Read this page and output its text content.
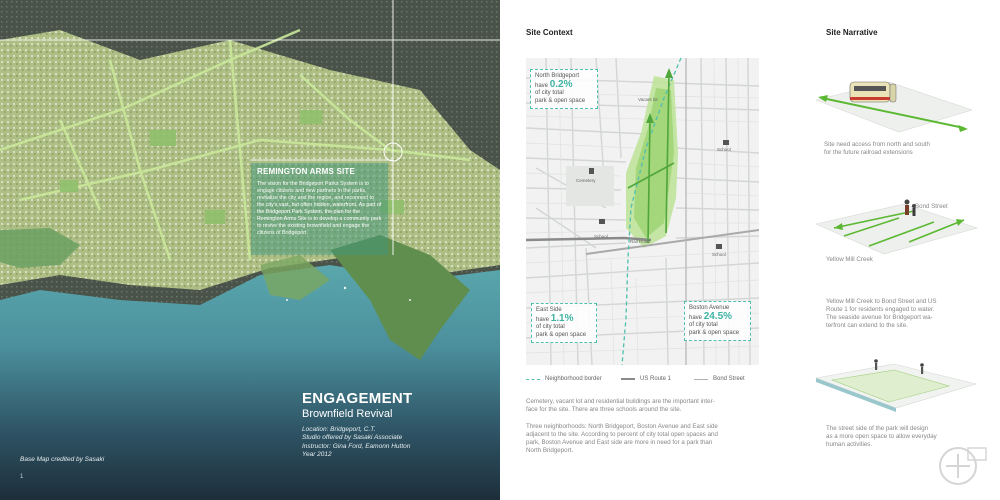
REMINGTON ARMS SITE

The vision for the Bridgeport Parks System is to engage citizens and new partners in the parks, revitalize the city and the region, and reconnect to the city's vast, but often hidden, waterfront. As part of the Bridgeport Park System, the plan for the Remington Arms Site is to develop a community park to revive the existing brownfield and engage the citizens of Bridgeport.

ENGAGEMENT
Brownfield Revival
Location: Bridgeport, C.T.
Studio offered by Sasaki Associate
Instructor: Gina Ford, Eamonn Hutton
Year 2012
Base Map credited by Sasaki
1
Site Context	Site Narrative
Vacant lot
School
Cemetery
School
Rail Road
School
North Bridgeport
have 0.2%
of city total
park & open space
East Side
have 1.1%
of city total
park & open space
Boston Avenue
have 24.5%
of city total
park & open space
Neighborhood border	US Route 1	Bond Street
Cemetery, vacant lot and residential buildings are the important inter-
face for the site. There are three schools around the site.
Three neighborhoods: North Bridgeport, Boston Avenue and East side
adjacent to the site. According to percent of city total open spaces and
park, Boston Avenue and East side are more in need for a park than
North Bridgeport.
Site need access from north and south
for the future railroad extensions
Bond Street
Yellow Mill Creek
Yellow Mill Creek to Bond Street and US
Route 1 for residents engaged to water.
The seaside avenue for Bridgeport wa-
terfront can extend to the site.
The street side of the park will design
as a more open space to allow everyday
human activities.
